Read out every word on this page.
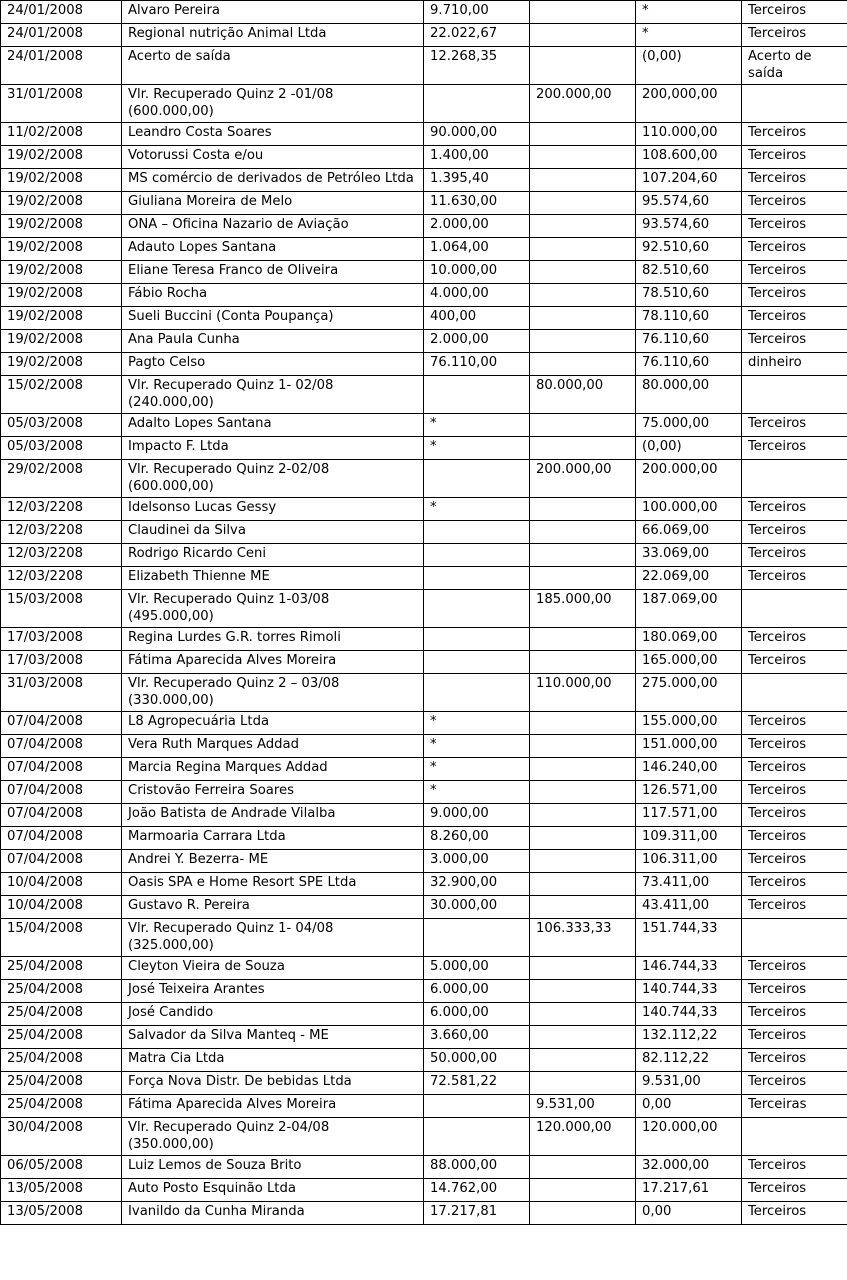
24/01/2008	Alvaro Pereira	9.710,00		*	Terceiros
24/01/2008	Regional nutrição Animal Ltda	22.022,67		*	Terceiros
24/01/2008	Acerto de saída	12.268,35		(0,00)	Acerto de saída
31/01/2008	Vlr. Recuperado Quinz 2 -01/08 (600.000,00)		200.000,00	200,000,00	
11/02/2008	Leandro Costa Soares	90.000,00		110.000,00	Terceiros
19/02/2008	Votorussi Costa e/ou	1.400,00		108.600,00	Terceiros
19/02/2008	MS comércio de derivados de Petróleo Ltda	1.395,40		107.204,60	Terceiros
19/02/2008	Giuliana Moreira de Melo	11.630,00		95.574,60	Terceiros
19/02/2008	ONA – Oficina Nazario de Aviação	2.000,00		93.574,60	Terceiros
19/02/2008	Adauto Lopes Santana	1.064,00		92.510,60	Terceiros
19/02/2008	Eliane Teresa Franco de Oliveira	10.000,00		82.510,60	Terceiros
19/02/2008	Fábio Rocha	4.000,00		78.510,60	Terceiros
19/02/2008	Sueli Buccini (Conta Poupança)	400,00		78.110,60	Terceiros
19/02/2008	Ana Paula Cunha	2.000,00		76.110,60	Terceiros
19/02/2008	Pagto Celso	76.110,00		76.110,60	dinheiro
15/02/2008	Vlr. Recuperado Quinz 1- 02/08 (240.000,00)		80.000,00	80.000,00	
05/03/2008	Adalto Lopes Santana	*		75.000,00	Terceiros
05/03/2008	Impacto F. Ltda	*		(0,00)	Terceiros
29/02/2008	Vlr. Recuperado Quinz 2-02/08 (600.000,00)		200.000,00	200.000,00	
12/03/2208	Idelsonso Lucas Gessy	*		100.000,00	Terceiros
12/03/2208	Claudinei da Silva			66.069,00	Terceiros
12/03/2208	Rodrigo Ricardo Ceni			33.069,00	Terceiros
12/03/2208	Elizabeth Thienne ME			22.069,00	Terceiros
15/03/2008	Vlr. Recuperado Quinz 1-03/08 (495.000,00)		185.000,00	187.069,00	
17/03/2008	Regina Lurdes G.R. torres Rimoli			180.069,00	Terceiros
17/03/2008	Fátima Aparecida Alves Moreira			165.000,00	Terceiros
31/03/2008	Vlr. Recuperado Quinz 2 – 03/08 (330.000,00)		110.000,00	275.000,00	
07/04/2008	L8 Agropecuária Ltda	*		155.000,00	Terceiros
07/04/2008	Vera Ruth Marques Addad	*		151.000,00	Terceiros
07/04/2008	Marcia Regina Marques Addad	*		146.240,00	Terceiros
07/04/2008	Cristovão Ferreira Soares	*		126.571,00	Terceiros
07/04/2008	João Batista de Andrade Vilalba	9.000,00		117.571,00	Terceiros
07/04/2008	Marmoaria Carrara Ltda	8.260,00		109.311,00	Terceiros
07/04/2008	Andrei Y. Bezerra- ME	3.000,00		106.311,00	Terceiros
10/04/2008	Oasis SPA e Home Resort SPE Ltda	32.900,00		73.411,00	Terceiros
10/04/2008	Gustavo R. Pereira	30.000,00		43.411,00	Terceiros
15/04/2008	Vlr. Recuperado Quinz 1- 04/08 (325.000,00)		106.333,33	151.744,33	
25/04/2008	Cleyton Vieira de Souza	5.000,00		146.744,33	Terceiros
25/04/2008	José Teixeira Arantes	6.000,00		140.744,33	Terceiros
25/04/2008	José Candido	6.000,00		140.744,33	Terceiros
25/04/2008	Salvador da Silva Manteq - ME	3.660,00		132.112,22	Terceiros
25/04/2008	Matra Cia Ltda	50.000,00		82.112,22	Terceiros
25/04/2008	Força Nova Distr. De bebidas Ltda	72.581,22		9.531,00	Terceiros
25/04/2008	Fátima Aparecida Alves Moreira		9.531,00	0,00	Terceiras
30/04/2008	Vlr. Recuperado Quinz 2-04/08 (350.000,00)		120.000,00	120.000,00	
06/05/2008	Luiz Lemos de Souza Brito	88.000,00		32.000,00	Terceiros
13/05/2008	Auto Posto Esquinão Ltda	14.762,00		17.217,61	Terceiros
13/05/2008	Ivanildo da Cunha Miranda	17.217,81		0,00	Terceiros
